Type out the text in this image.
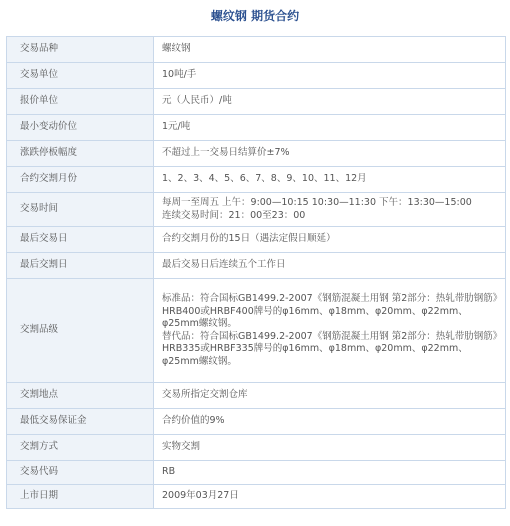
螺纹钢 期货合约
交易品种	螺纹钢

交易单位	10吨/手

报价单位	元（人民币）/吨

最小变动价位	1元/吨

涨跌停板幅度	不超过上一交易日结算价±7%

合约交割月份	1、2、3、4、5、6、7、8、9、10、11、12月

交易时间	每周一至周五 上午：9:00—10:15 10:30—11:30 下午：13:30—15:00
连续交易时间：21：00至23：00

最后交易日	合约交割月份的15日（遇法定假日顺延）

最后交割日	最后交易日后连续五个工作日

交割品级	标准品：符合国标GB1499.2-2007《钢筋混凝土用钢 第2部分：热轧带肋钢筋》HRB400或HRBF400牌号的φ16mm、φ18mm、φ20mm、φ22mm、φ25mm螺纹钢。
替代品：符合国标GB1499.2-2007《钢筋混凝土用钢 第2部分：热轧带肋钢筋》HRB335或HRBF335牌号的φ16mm、φ18mm、φ20mm、φ22mm、φ25mm螺纹钢。

交割地点	交易所指定交割仓库

最低交易保证金	合约价值的9%

交割方式	实物交割

交易代码	RB

上市日期	2009年03月27日
